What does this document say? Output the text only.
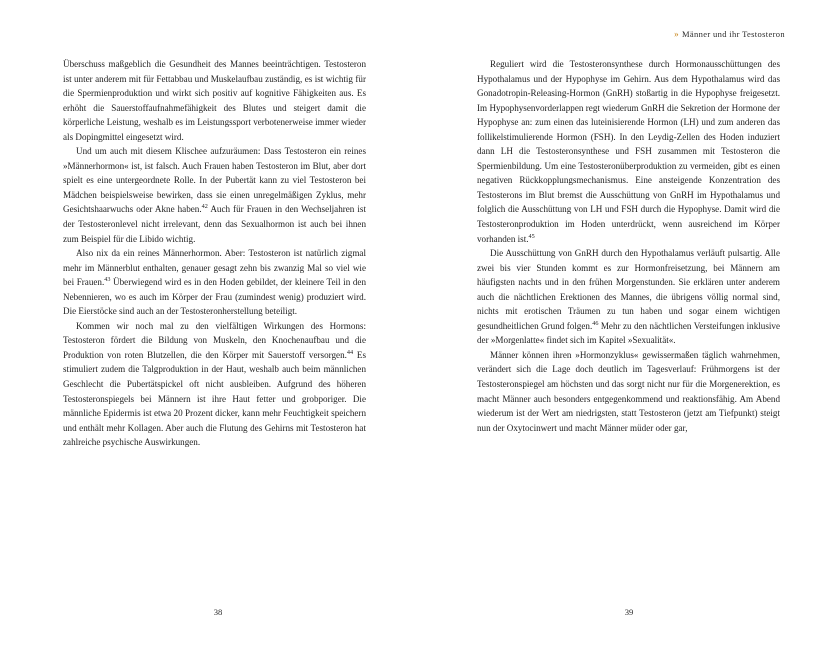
Überschuss maßgeblich die Gesundheit des Mannes beeinträchtigen. Testosteron ist unter anderem mit für Fettabbau und Muskelaufbau zuständig, es ist wichtig für die Spermienproduktion und wirkt sich positiv auf kognitive Fähigkeiten aus. Es erhöht die Sauerstoffaufnahmefähigkeit des Blutes und steigert damit die körperliche Leistung, weshalb es im Leistungssport verbotenerweise immer wieder als Dopingmittel eingesetzt wird.

Und um auch mit diesem Klischee aufzuräumen: Dass Testosteron ein reines »Männerhormon« ist, ist falsch. Auch Frauen haben Testosteron im Blut, aber dort spielt es eine untergeordnete Rolle. In der Pubertät kann zu viel Testosteron bei Mädchen beispielsweise bewirken, dass sie einen unregelmäßigen Zyklus, mehr Gesichtshaarwuchs oder Akne haben.$^{42}$ Auch für Frauen in den Wechseljahren ist der Testosteronlevel nicht irrelevant, denn das Sexualhormon ist auch bei ihnen zum Beispiel für die Libido wichtig.

Also nix da ein reines Männerhormon. Aber: Testosteron ist natürlich zigmal mehr im Männerblut enthalten, genauer gesagt zehn bis zwanzig Mal so viel wie bei Frauen.$^{43}$ Überwiegend wird es in den Hoden gebildet, der kleinere Teil in den Nebennieren, wo es auch im Körper der Frau (zumindest wenig) produziert wird. Die Eierstöcke sind auch an der Testosteronherstellung beteiligt.

Kommen wir noch mal zu den vielfältigen Wirkungen des Hormons: Testosteron fördert die Bildung von Muskeln, den Knochenaufbau und die Produktion von roten Blutzellen, die den Körper mit Sauerstoff versorgen.$^{44}$ Es stimuliert zudem die Talgproduktion in der Haut, weshalb auch beim männlichen Geschlecht die Pubertätspickel oft nicht ausbleiben. Aufgrund des höheren Testosteronspiegels bei Männern ist ihre Haut fetter und grobporiger. Die männliche Epidermis ist etwa 20 Prozent dicker, kann mehr Feuchtigkeit speichern und enthält mehr Kollagen. Aber auch die Flutung des Gehirns mit Testosteron hat zahlreiche psychische Auswirkungen.

38
» Männer und ihr Testosteron

Reguliert wird die Testosteronsynthese durch Hormonausschüttungen des Hypothalamus und der Hypophyse im Gehirn. Aus dem Hypothalamus wird das Gonadotropin-Releasing-Hormon (GnRH) stoßartig in die Hypophyse freigesetzt. Im Hypophysenvorderlappen regt wiederum GnRH die Sekretion der Hormone der Hypophyse an: zum einen das luteinisierende Hormon (LH) und zum anderen das follikelstimulierende Hormon (FSH). In den Leydig-Zellen des Hoden induziert dann LH die Testosteronsynthese und FSH zusammen mit Testosteron die Spermienbildung. Um eine Testosteronüberproduktion zu vermeiden, gibt es einen negativen Rückkopplungsmechanismus. Eine ansteigende Konzentration des Testosterons im Blut bremst die Ausschüttung von GnRH im Hypothalamus und folglich die Ausschüttung von LH und FSH durch die Hypophyse. Damit wird die Testosteronproduktion im Hoden unterdrückt, wenn ausreichend im Körper vorhanden ist.$^{45}$

Die Ausschüttung von GnRH durch den Hypothalamus verläuft pulsartig. Alle zwei bis vier Stunden kommt es zur Hormonfreisetzung, bei Männern am häufigsten nachts und in den frühen Morgenstunden. Sie erklären unter anderem auch die nächtlichen Erektionen des Mannes, die übrigens völlig normal sind, nichts mit erotischen Träumen zu tun haben und sogar einem wichtigen gesundheitlichen Grund folgen.$^{46}$ Mehr zu den nächtlichen Versteifungen inklusive der »Morgenlatte« findet sich im Kapitel »Sexualität«.

Männer können ihren »Hormonzyklus« gewissermaßen täglich wahrnehmen, verändert sich die Lage doch deutlich im Tagesverlauf: Frühmorgens ist der Testosteronspiegel am höchsten und das sorgt nicht nur für die Morgenerektion, es macht Männer auch besonders entgegenkommend und reaktionsfähig. Am Abend wiederum ist der Wert am niedrigsten, statt Testosteron (jetzt am Tiefpunkt) steigt nun der Oxytocinwert und macht Männer müder oder gar,

39
